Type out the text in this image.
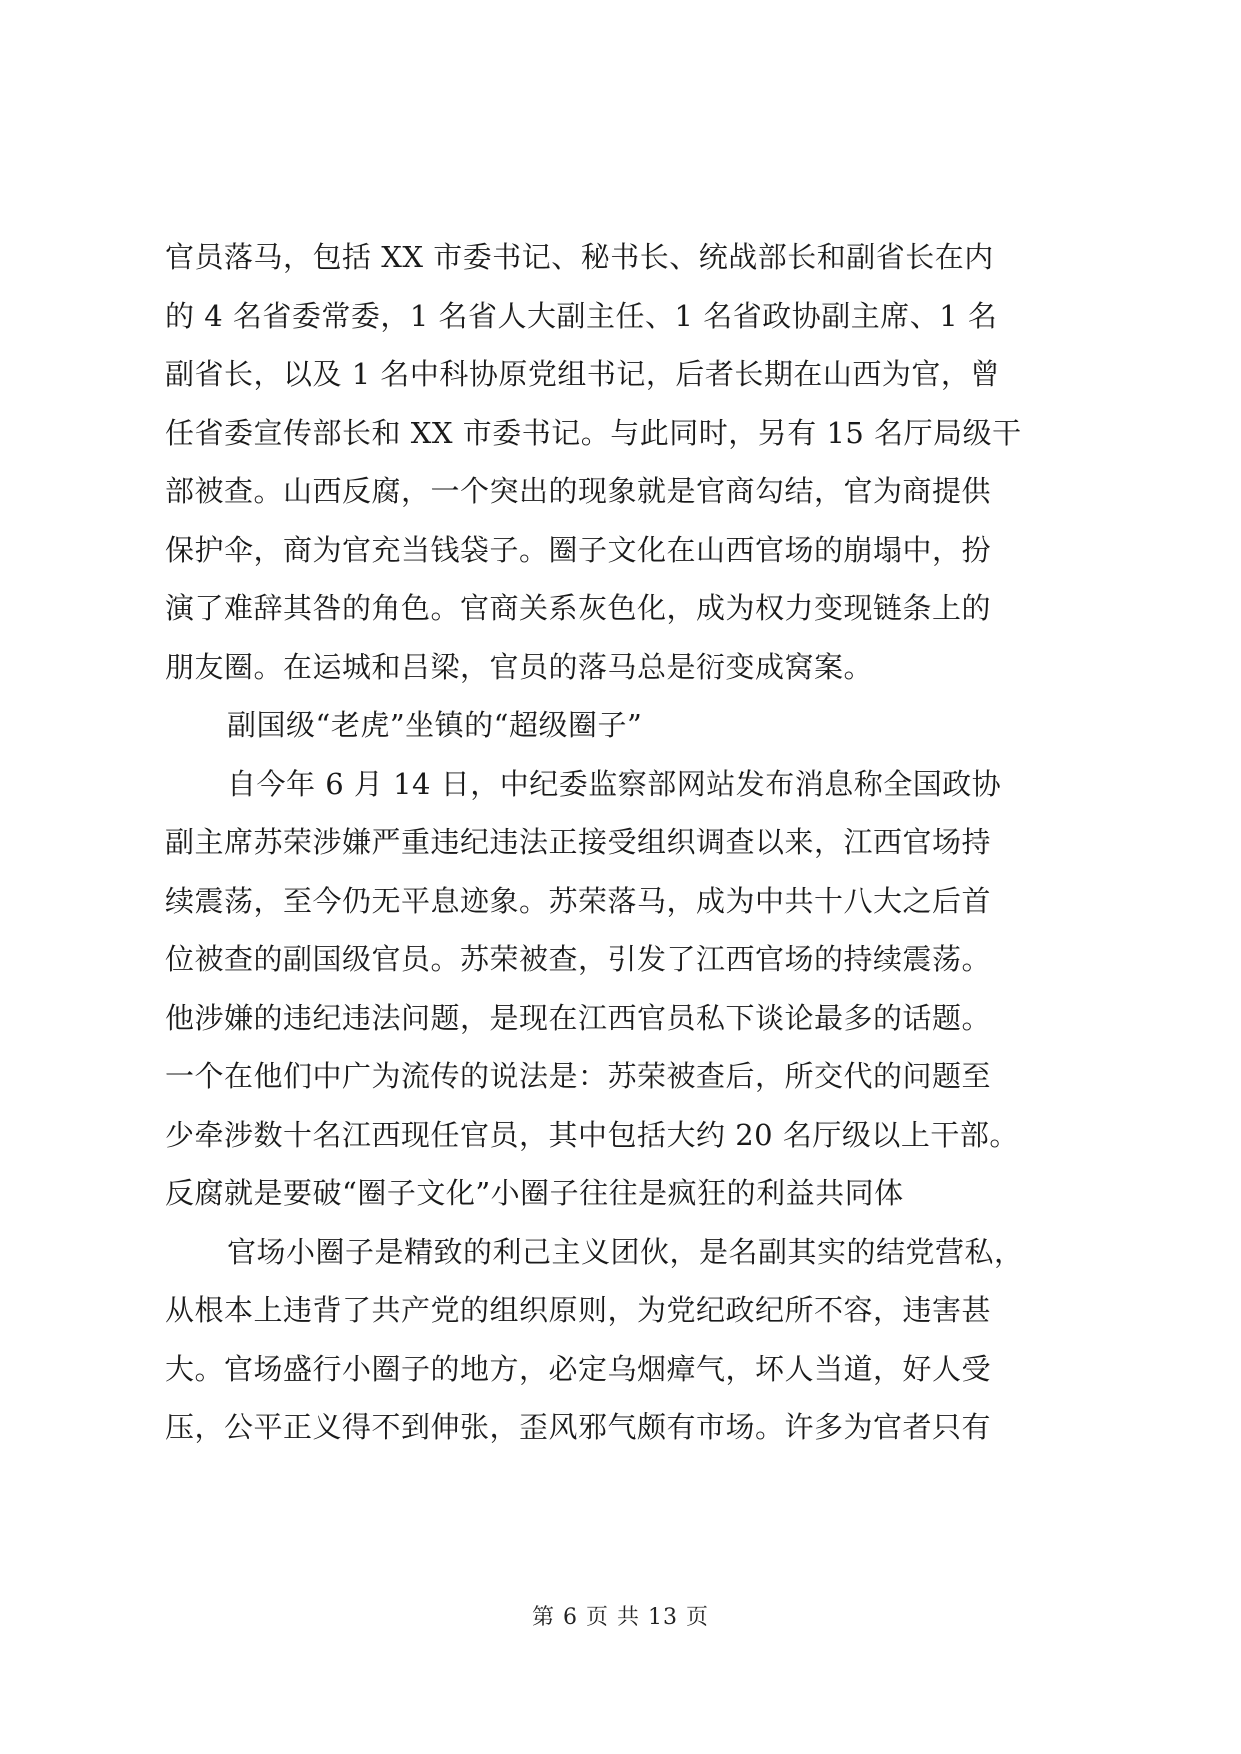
官员落马，包括 XX 市委书记、秘书长、统战部长和副省长在内
的 4 名省委常委，1 名省人大副主任、1 名省政协副主席、1 名
副省长，以及 1 名中科协原党组书记，后者长期在山西为官，曾
任省委宣传部长和 XX 市委书记。与此同时，另有 15 名厅局级干
部被查。山西反腐，一个突出的现象就是官商勾结，官为商提供
保护伞，商为官充当钱袋子。圈子文化在山西官场的崩塌中，扮
演了难辞其咎的角色。官商关系灰色化，成为权力变现链条上的
朋友圈。在运城和吕梁，官员的落马总是衍变成窝案。
副国级“老虎”坐镇的“超级圈子”
自今年 6 月 14 日，中纪委监察部网站发布消息称全国政协
副主席苏荣涉嫌严重违纪违法正接受组织调查以来，江西官场持
续震荡，至今仍无平息迹象。苏荣落马，成为中共十八大之后首
位被查的副国级官员。苏荣被查，引发了江西官场的持续震荡。
他涉嫌的违纪违法问题，是现在江西官员私下谈论最多的话题。
一个在他们中广为流传的说法是：苏荣被查后，所交代的问题至
少牵涉数十名江西现任官员，其中包括大约 20 名厅级以上干部。
反腐就是要破“圈子文化”小圈子往往是疯狂的利益共同体
官场小圈子是精致的利己主义团伙，是名副其实的结党营私，
从根本上违背了共产党的组织原则，为党纪政纪所不容，违害甚
大。官场盛行小圈子的地方，必定乌烟瘴气，坏人当道，好人受
压，公平正义得不到伸张，歪风邪气颇有市场。许多为官者只有
第 6 页 共 13 页
